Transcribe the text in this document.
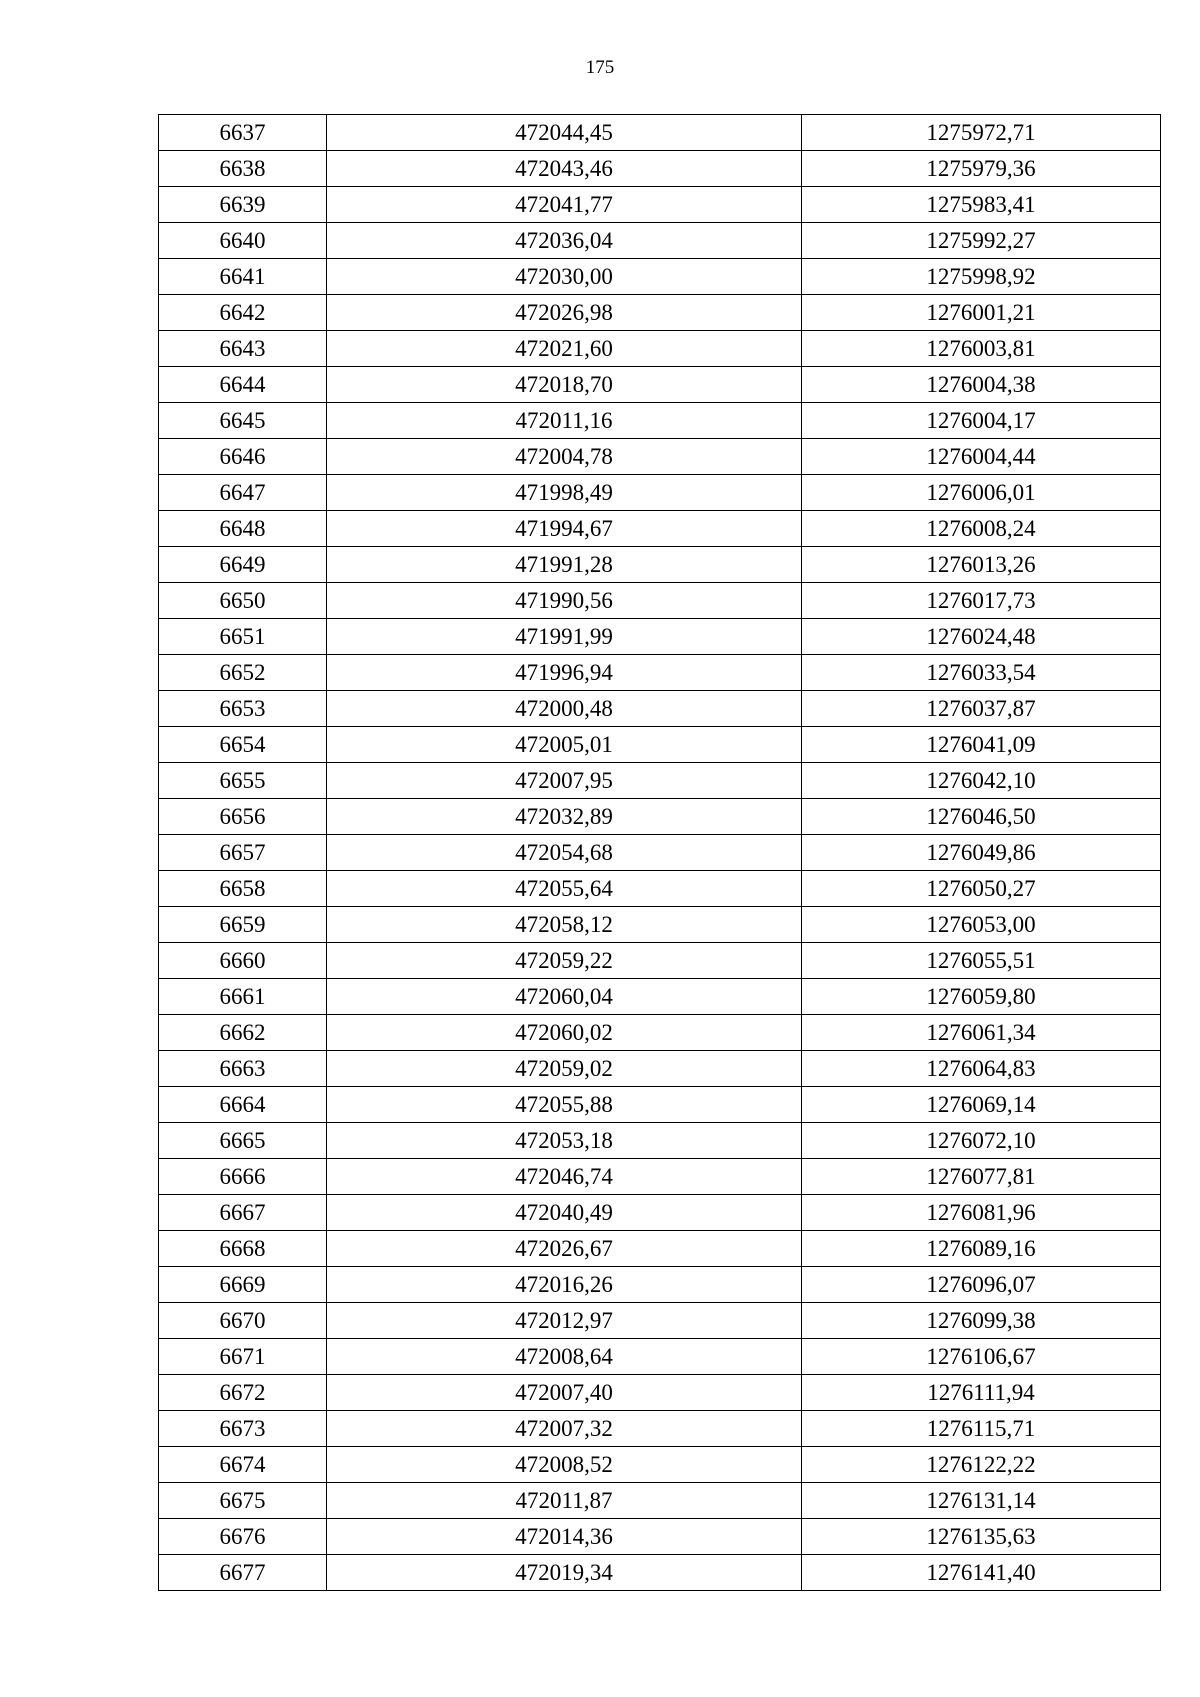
175
6637	472044,45	1275972,71
6638	472043,46	1275979,36
6639	472041,77	1275983,41
6640	472036,04	1275992,27
6641	472030,00	1275998,92
6642	472026,98	1276001,21
6643	472021,60	1276003,81
6644	472018,70	1276004,38
6645	472011,16	1276004,17
6646	472004,78	1276004,44
6647	471998,49	1276006,01
6648	471994,67	1276008,24
6649	471991,28	1276013,26
6650	471990,56	1276017,73
6651	471991,99	1276024,48
6652	471996,94	1276033,54
6653	472000,48	1276037,87
6654	472005,01	1276041,09
6655	472007,95	1276042,10
6656	472032,89	1276046,50
6657	472054,68	1276049,86
6658	472055,64	1276050,27
6659	472058,12	1276053,00
6660	472059,22	1276055,51
6661	472060,04	1276059,80
6662	472060,02	1276061,34
6663	472059,02	1276064,83
6664	472055,88	1276069,14
6665	472053,18	1276072,10
6666	472046,74	1276077,81
6667	472040,49	1276081,96
6668	472026,67	1276089,16
6669	472016,26	1276096,07
6670	472012,97	1276099,38
6671	472008,64	1276106,67
6672	472007,40	1276111,94
6673	472007,32	1276115,71
6674	472008,52	1276122,22
6675	472011,87	1276131,14
6676	472014,36	1276135,63
6677	472019,34	1276141,40
